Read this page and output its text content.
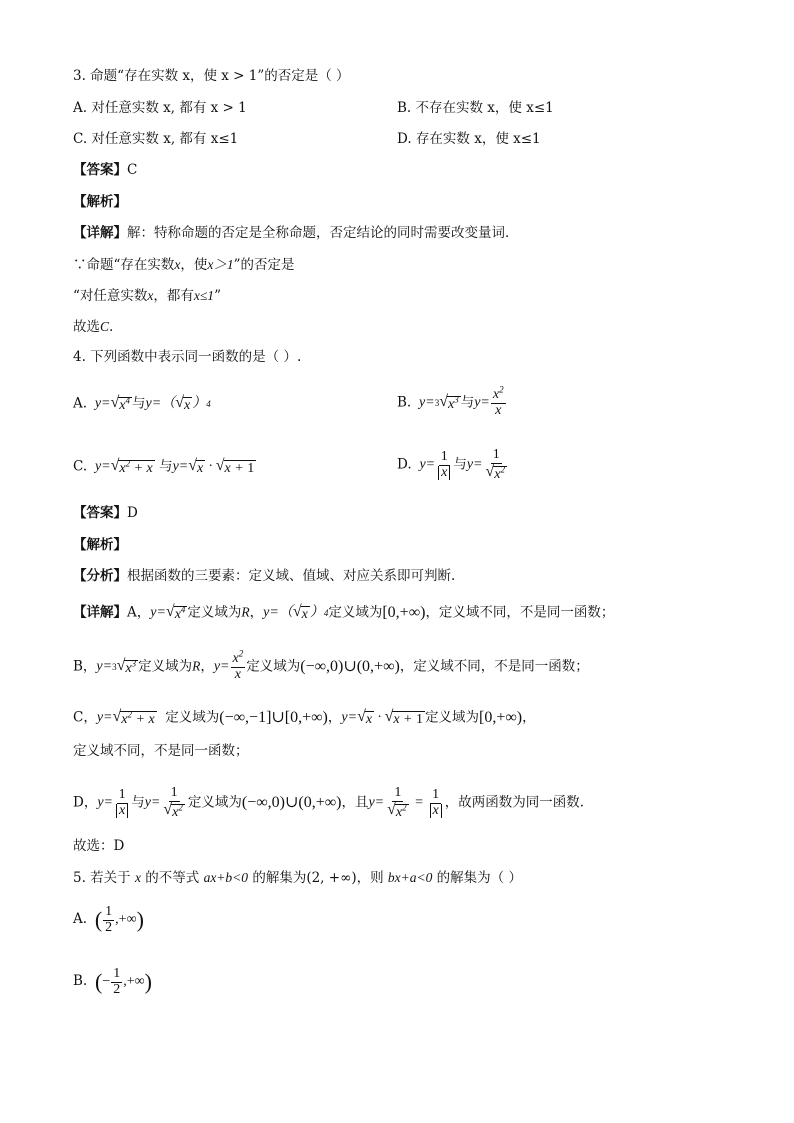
3. 命题“存在实数 x，使 x > 1”的否定是（ ）
A. 对任意实数 x, 都有 x > 1	B. 不存在实数 x，使 x≤1
C. 对任意实数 x, 都有 x≤1	D. 存在实数 x，使 x≤1
【答案】C
【解析】
【详解】解：特称命题的否定是全称命题，否定结论的同时需要改变量词．
∵命题“存在实数x，使x＞1”的否定是
“对任意实数x，都有x≤1”
故选C.
4. 下列函数中表示同一函数的是（ ）.
A.  y= √ $x^4$ 与y=（ √ x ） 4	B.  y= 3 √ $x^3$ 与$y= \frac{x^2}{x}$
C.  y= √ $x^2 + x$ 与y= √ x · √ x + 1	D.  $y= \frac{1}{x}$ 与$y= \frac{1}{√ x^2}$
【答案】D
【解析】
【分析】根据函数的三要素：定义域、值域、对应关系即可判断.
【详解】A，y= √ $x^4$ 定义域为R，y=（ √ x ） 4 定义域为[0,+∞)，定义域不同，不是同一函数；
B，y= 3 √ $x^3$ 定义域为R，$y= \frac{x^2}{x}$ 定义域为(−∞,0)∪(0,+∞)，定义域不同，不是同一函数；
C，y= √ $x^2 + x$ 定义域为(−∞,−1]∪[0,+∞)，y= √ x · √ x + 1 定义域为[0,+∞)，
定义域不同，不是同一函数；
D，$y= \frac{1}{x}$ 与$y= \frac{1}{√ x^2}$ 定义域为(−∞,0)∪(0,+∞)，且$y= \frac{1}{√ x^2} = \frac{1}{x}$ ，故两函数为同一函数.
故选：D
5. 若关于 x 的不等式 ax+b<0 的解集为(2, +∞)，则 bx+a<0 的解集为（ ）
A. ( $\frac{1}{2}$ ,+∞ )
B. ( − $\frac{1}{2}$ ,+∞ )
